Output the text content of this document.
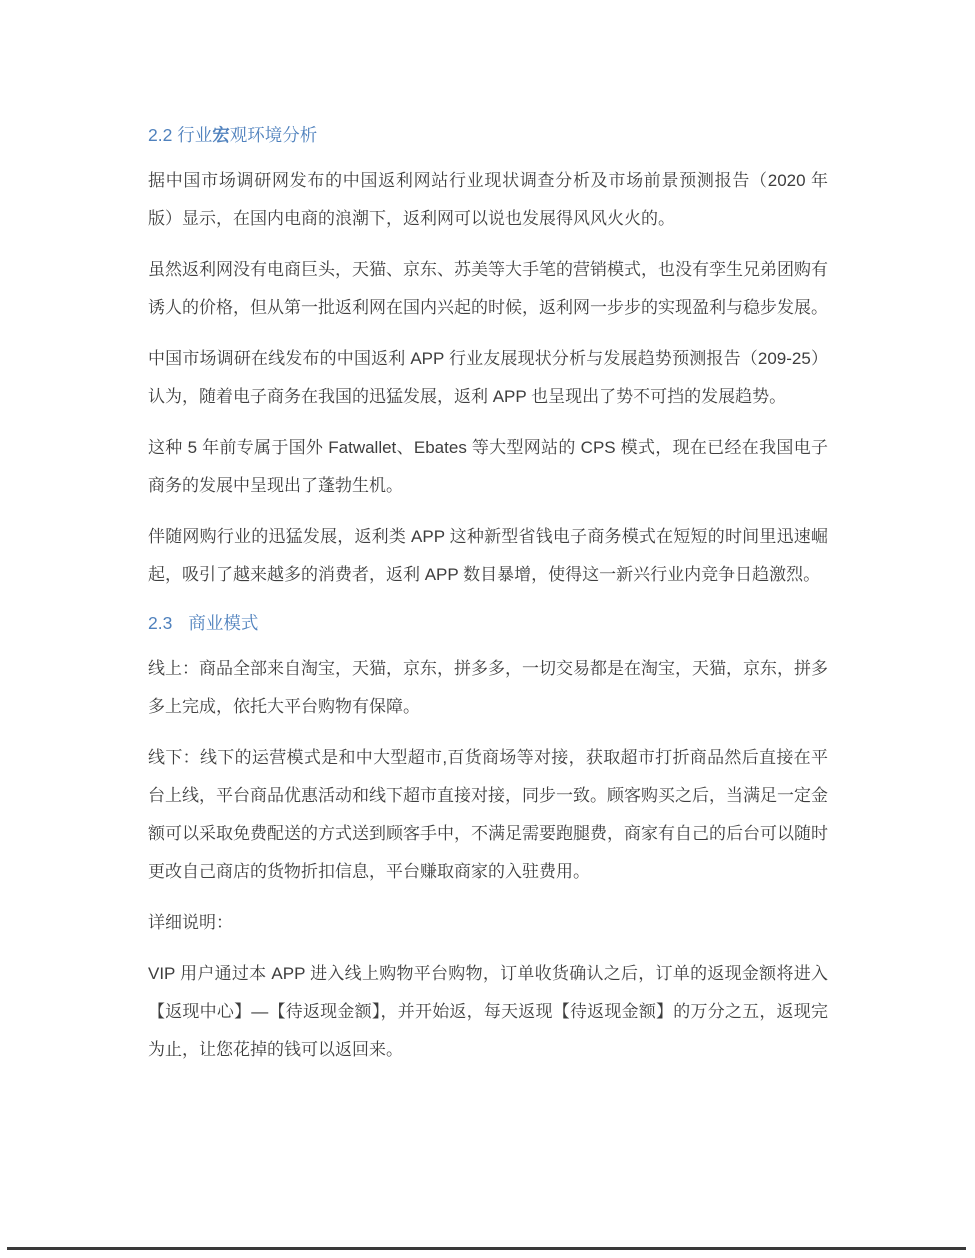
2.2 行业宏观环境分析

据中国市场调研网发布的中国返利网站行业现状调查分析及市场前景预测报告（2020 年版）显示，在国内电商的浪潮下，返利网可以说也发展得风风火火的。

虽然返利网没有电商巨头，天猫、京东、苏美等大手笔的营销模式，也没有孪生兄弟团购有诱人的价格，但从第一批返利网在国内兴起的时候，返利网一步步的实现盈利与稳步发展。

中国市场调研在线发布的中国返利 APP 行业友展现状分析与发展趋势预测报告（209-25）认为，随着电子商务在我国的迅猛发展，返利 APP 也呈现出了势不可挡的发展趋势。

这种 5 年前专属于国外 Fatwallet、Ebates 等大型网站的 CPS 模式，现在已经在我国电子商务的发展中呈现出了蓬勃生机。

伴随网购行业的迅猛发展，返利类 APP 这种新型省钱电子商务模式在短短的时间里迅速崛起，吸引了越来越多的消费者，返利 APP 数目暴增，使得这一新兴行业内竞争日趋激烈。

2.3 商业模式

线上：商品全部来自淘宝，天猫，京东，拼多多，一切交易都是在淘宝，天猫，京东，拼多多上完成，依托大平台购物有保障。

线下：线下的运营模式是和中大型超市,百货商场等对接，获取超市打折商品然后直接在平台上线，平台商品优惠活动和线下超市直接对接，同步一致。顾客购买之后，当满足一定金额可以采取免费配送的方式送到顾客手中，不满足需要跑腿费，商家有自己的后台可以随时更改自己商店的货物折扣信息，平台赚取商家的入驻费用。

详细说明：

VIP 用户通过本 APP 进入线上购物平台购物，订单收货确认之后，订单的返现金额将进入【返现中心】—【待返现金额】，并开始返，每天返现【待返现金额】的万分之五，返现完为止，让您花掉的钱可以返回来。
